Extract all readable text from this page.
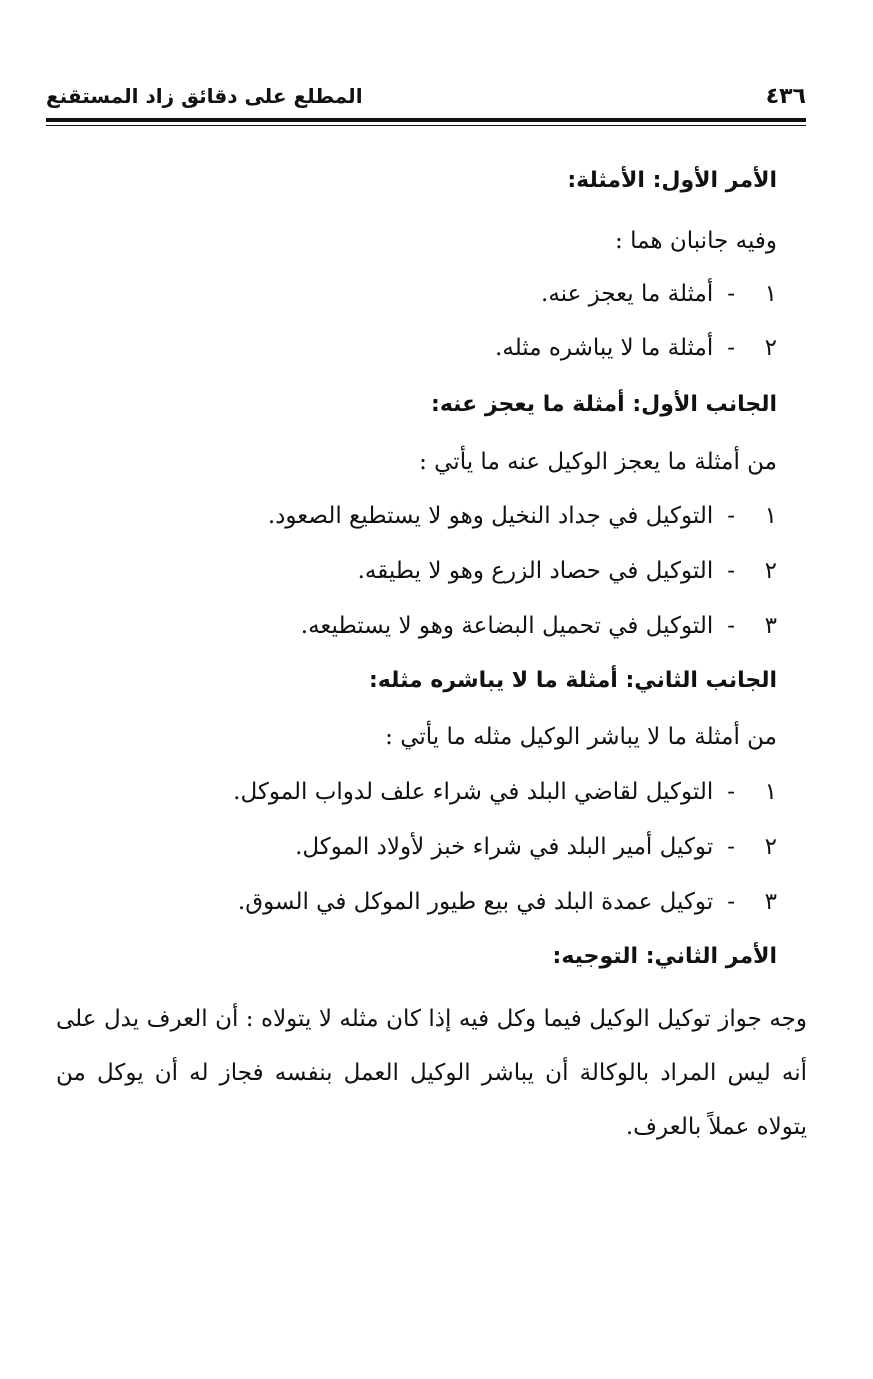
٤٣٦
المطلع على دقائق زاد المستقنع
الأمر الأول: الأمثلة:
وفيه جانبان هما :
١-أمثلة ما يعجز عنه.
٢-أمثلة ما لا يباشره مثله.
الجانب الأول: أمثلة ما يعجز عنه:
من أمثلة ما يعجز الوكيل عنه ما يأتي :
١-التوكيل في جداد النخيل وهو لا يستطيع الصعود.
٢-التوكيل في حصاد الزرع وهو لا يطيقه.
٣-التوكيل في تحميل البضاعة وهو لا يستطيعه.
الجانب الثاني: أمثلة ما لا يباشره مثله:
من أمثلة ما لا يباشر الوكيل مثله ما يأتي :
١-التوكيل لقاضي البلد في شراء علف لدواب الموكل.
٢-توكيل أمير البلد في شراء خبز لأولاد الموكل.
٣-توكيل عمدة البلد في بيع طيور الموكل في السوق.
الأمر الثاني: التوجيه:
وجه جواز توكيل الوكيل فيما وكل فيه إذا كان مثله لا يتولاه : أن العرف يدل على أنه ليس المراد بالوكالة أن يباشر الوكيل العمل بنفسه فجاز له أن يوكل من يتولاه عملاً بالعرف.
